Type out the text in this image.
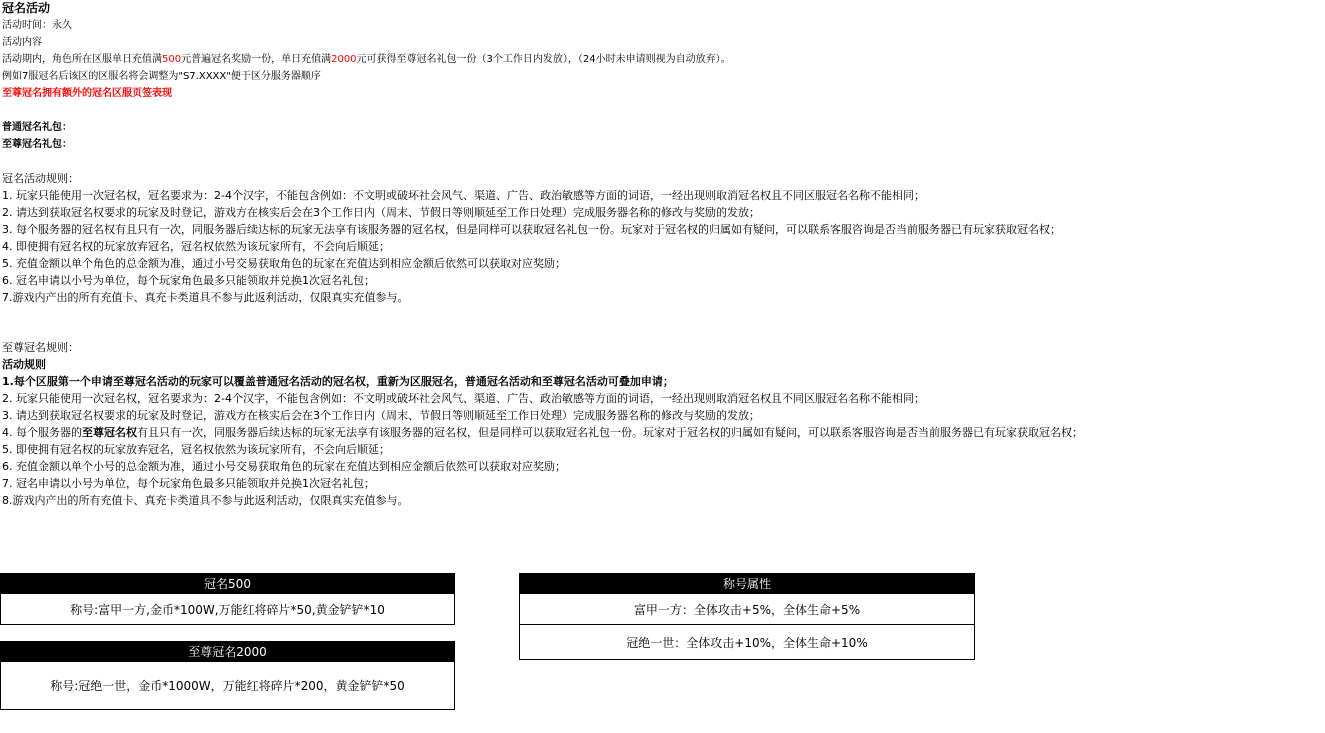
冠名活动
活动时间：永久
活动内容
活动期内，角色所在区服单日充值满500元普遍冠名奖励一份，单日充值满2000元可获得至尊冠名礼包一份（3个工作日内发放），（24小时未申请则视为自动放弃）。
例如7服冠名后该区的区服名将会调整为"S7.XXXX"便于区分服务器顺序
至尊冠名拥有额外的冠名区服页签表现
普通冠名礼包：
至尊冠名礼包：
冠名活动规则：
1. 玩家只能使用一次冠名权，冠名要求为：2-4个汉字，不能包含例如：不文明或破坏社会风气、渠道、广告、政治敏感等方面的词语，一经出现则取消冠名权且不同区服冠名名称不能相同；
2. 请达到获取冠名权要求的玩家及时登记，游戏方在核实后会在3个工作日内（周末、节假日等则顺延至工作日处理）完成服务器名称的修改与奖励的发放；
3. 每个服务器的冠名权有且只有一次，同服务器后续达标的玩家无法享有该服务器的冠名权，但是同样可以获取冠名礼包一份。玩家对于冠名权的归属如有疑问，可以联系客服咨询是否当前服务器已有玩家获取冠名权；
4. 即使拥有冠名权的玩家放弃冠名，冠名权依然为该玩家所有，不会向后顺延；
5. 充值金额以单个角色的总金额为准，通过小号交易获取角色的玩家在充值达到相应金额后依然可以获取对应奖励；
6. 冠名申请以小号为单位，每个玩家角色最多只能领取并兑换1次冠名礼包；
7.游戏内产出的所有充值卡、真充卡类道具不参与此返利活动，仅限真实充值参与。
至尊冠名规则：
活动规则
1.每个区服第一个申请至尊冠名活动的玩家可以覆盖普通冠名活动的冠名权，重新为区服冠名，普通冠名活动和至尊冠名活动可叠加申请；
2. 玩家只能使用一次冠名权，冠名要求为：2-4个汉字，不能包含例如：不文明或破坏社会风气、渠道、广告、政治敏感等方面的词语，一经出现则取消冠名权且不同区服冠名名称不能相同；
3. 请达到获取冠名权要求的玩家及时登记，游戏方在核实后会在3个工作日内（周末、节假日等则顺延至工作日处理）完成服务器名称的修改与奖励的发放；
4. 每个服务器的至尊冠名权有且只有一次，同服务器后续达标的玩家无法享有该服务器的冠名权，但是同样可以获取冠名礼包一份。玩家对于冠名权的归属如有疑问，可以联系客服咨询是否当前服务器已有玩家获取冠名权；
5. 即使拥有冠名权的玩家放弃冠名，冠名权依然为该玩家所有，不会向后顺延；
6. 充值金额以单个小号的总金额为准，通过小号交易获取角色的玩家在充值达到相应金额后依然可以获取对应奖励；
7. 冠名申请以小号为单位，每个玩家角色最多只能领取并兑换1次冠名礼包；
8.游戏内产出的所有充值卡、真充卡类道具不参与此返利活动，仅限真实充值参与。
冠名500
称号:富甲一方,金币*100W,万能红将碎片*50,黄金铲铲*10
至尊冠名2000
称号:冠绝一世，金币*1000W，万能红将碎片*200，黄金铲铲*50
称号属性
富甲一方：全体攻击+5%，全体生命+5%
冠绝一世：全体攻击+10%，全体生命+10%
